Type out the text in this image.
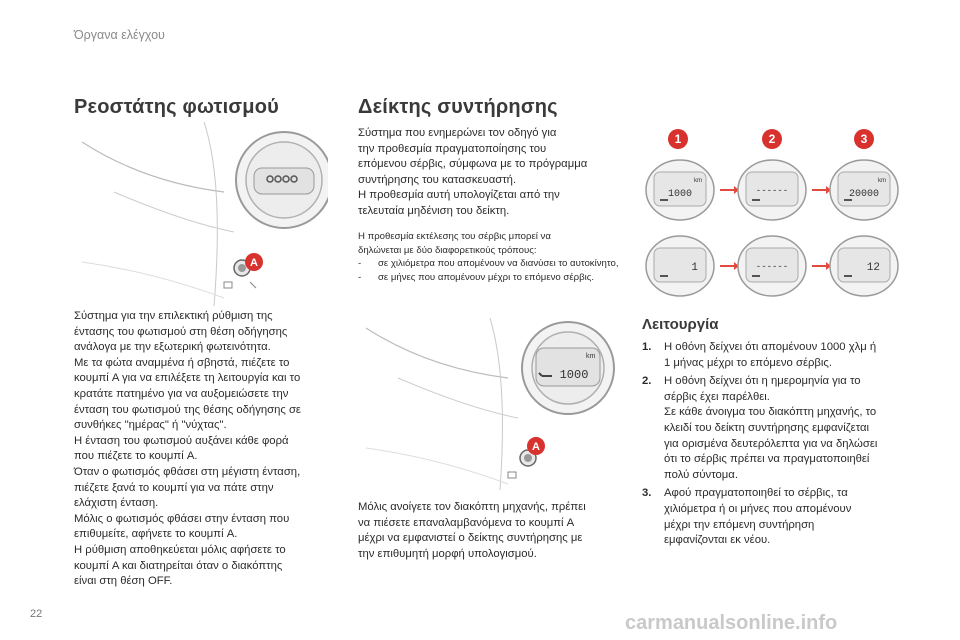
Όργανα ελέγχου
Ρεοστάτης φωτισμού
A

Σύστημα για την επιλεκτική ρύθμιση της

έντασης του φωτισμού στη θέση οδήγησης

ανάλογα με την εξωτερική φωτεινότητα.

Με τα φώτα αναμμένα ή σβηστά, πιέζετε το

κουμπί A για να επιλέξετε τη λειτουργία και το

κρατάτε πατημένο για να αυξομειώσετε την

ένταση του φωτισμού της θέσης οδήγησης σε

συνθήκες "ημέρας" ή "νύχτας".

Η ένταση του φωτισμού αυξάνει κάθε φορά

που πιέζετε το κουμπί A.

Όταν ο φωτισμός φθάσει στη μέγιστη ένταση,

πιέζετε ξανά το κουμπί για να πάτε στην

ελάχιστη ένταση.

Μόλις ο φωτισμός φθάσει στην ένταση που

επιθυμείτε, αφήνετε το κουμπί A.

Η ρύθμιση αποθηκεύεται μόλις αφήσετε το

κουμπί A και διατηρείται όταν ο διακόπτης

είναι στη θέση OFF.

Δείκτης συντήρησης

Σύστημα που ενημερώνει τον οδηγό για

την προθεσμία πραγματοποίησης του

επόμενου σέρβις, σύμφωνα με το πρόγραμμα

συντήρησης του κατασκευαστή.

Η προθεσμία αυτή υπολογίζεται από την

τελευταία μηδένιση του δείκτη.

Η προθεσμία εκτέλεσης του σέρβις μπορεί να

δηλώνεται με δύο διαφορετικούς τρόπους:

- σε χιλιόμετρα που απομένουν να διανύσει το αυτοκίνητο,

- σε μήνες που απομένουν μέχρι το επόμενο σέρβις.

km
1000
A

Μόλις ανοίγετε τον διακόπτη μηχανής, πρέπει

να πιέσετε επαναλαμβανόμενα το κουμπί A

μέχρι να εμφανιστεί ο δείκτης συντήρησης με

την επιθυμητή μορφή υπολογισμού.

1	2	3
km
1000	------
km
20000
1	------	12
Λειτουργία
1. Η οθόνη δείχνει ότι απομένουν 1000 χλμ ή

1 μήνας μέχρι το επόμενο σέρβις.

2. Η οθόνη δείχνει ότι η ημερομηνία για το

σέρβις έχει παρέλθει.

Σε κάθε άνοιγμα του διακόπτη μηχανής, το

κλειδί του δείκτη συντήρησης εμφανίζεται

για ορισμένα δευτερόλεπτα για να δηλώσει

ότι το σέρβις πρέπει να πραγματοποιηθεί

πολύ σύντομα.

3. Αφού πραγματοποιηθεί το σέρβις, τα

χιλιόμετρα ή οι μήνες που απομένουν

μέχρι την επόμενη συντήρηση

εμφανίζονται εκ νέου.

22	carmanualsonline.info
